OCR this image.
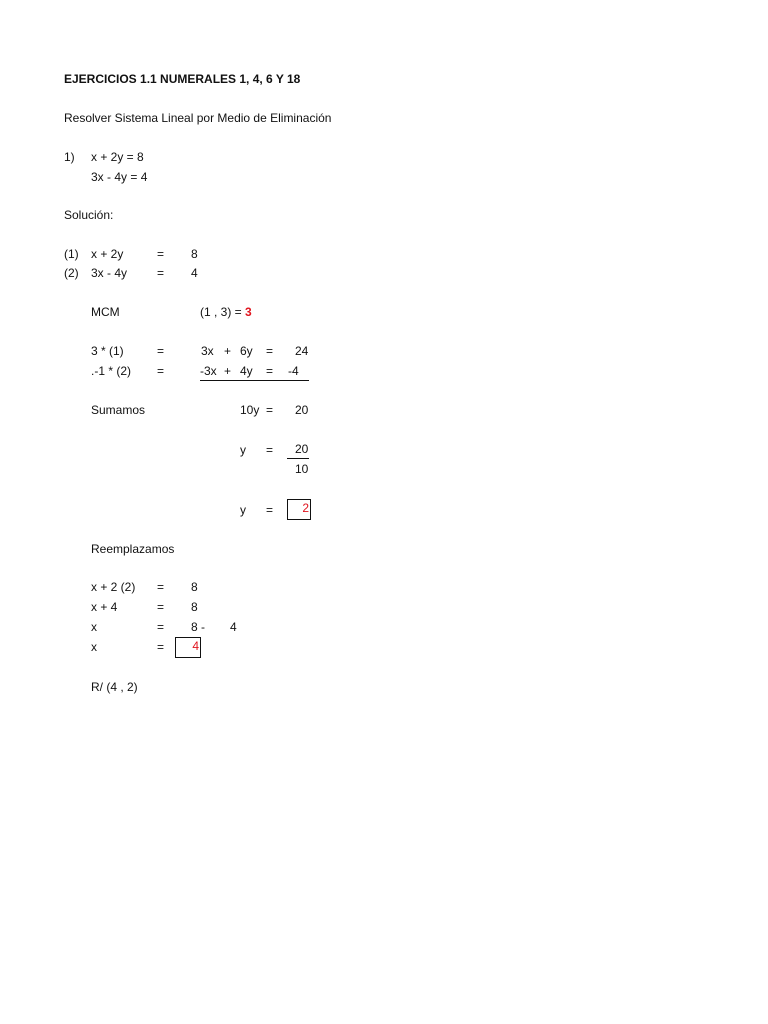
EJERCICIOS 1.1 NUMERALES 1, 4, 6 Y 18
Resolver Sistema Lineal por Medio de Eliminación
1) x + 2y = 8
3x - 4y = 4
Solución:
(1) x + 2y	= 8
(2) 3x - 4y = 4
MCM	(1 , 3) = 3
3 * (1)	=	3x + 6y = 24
.-1 * (2) =	-3x + 4y = -4
Sumamos	10y = 20
y = 20
10
y =	2
Reemplazamos
x + 2 (2) = 8
x + 4	= 8
x	= 8 - 4
x	=	4
R/ (4 , 2)
